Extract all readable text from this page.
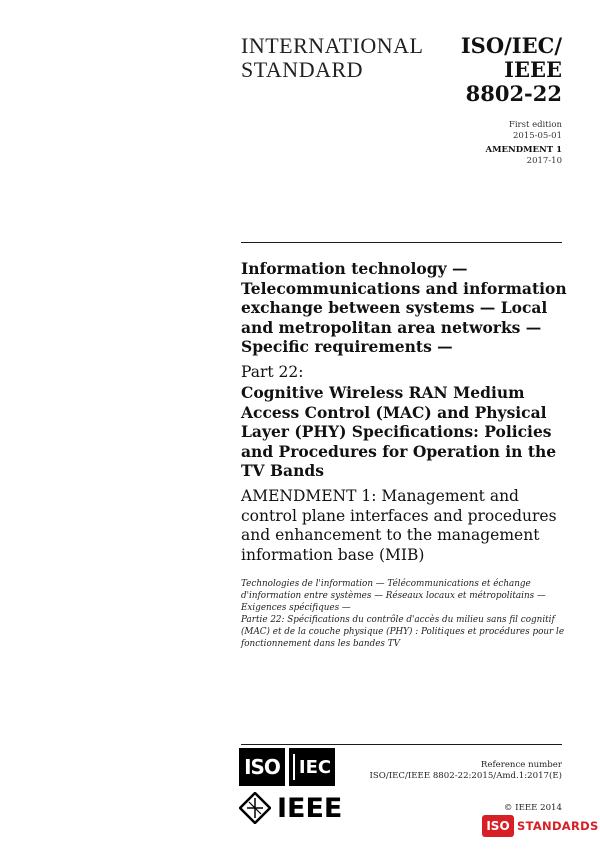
INTERNATIONAL
STANDARD
ISO/IEC/
IEEE
8802-22
First edition
2015-05-01
AMENDMENT 1
2017-10
Information technology — Telecommunications and information exchange between systems — Local and metropolitan area networks — Specific requirements —
Part 22:
Cognitive Wireless RAN Medium Access Control (MAC) and Physical Layer (PHY) Specifications: Policies and Procedures for Operation in the TV Bands
AMENDMENT 1: Management and control plane interfaces and procedures and enhancement to the management information base (MIB)
Technologies de l'information — Télécommunications et échange d'information entre systèmes — Réseaux locaux et métropolitains — Exigences spécifiques —
Partie 22: Spécifications du contrôle d'accès du milieu sans fil cognitif (MAC) et de la couche physique (PHY) : Politiques et procédures pour le fonctionnement dans les bandes TV
ISO IEC
IEEE
Reference number
ISO/IEC/IEEE 8802-22:2015/Amd.1:2017(E)
© IEEE 2014
ISO STANDARDS
